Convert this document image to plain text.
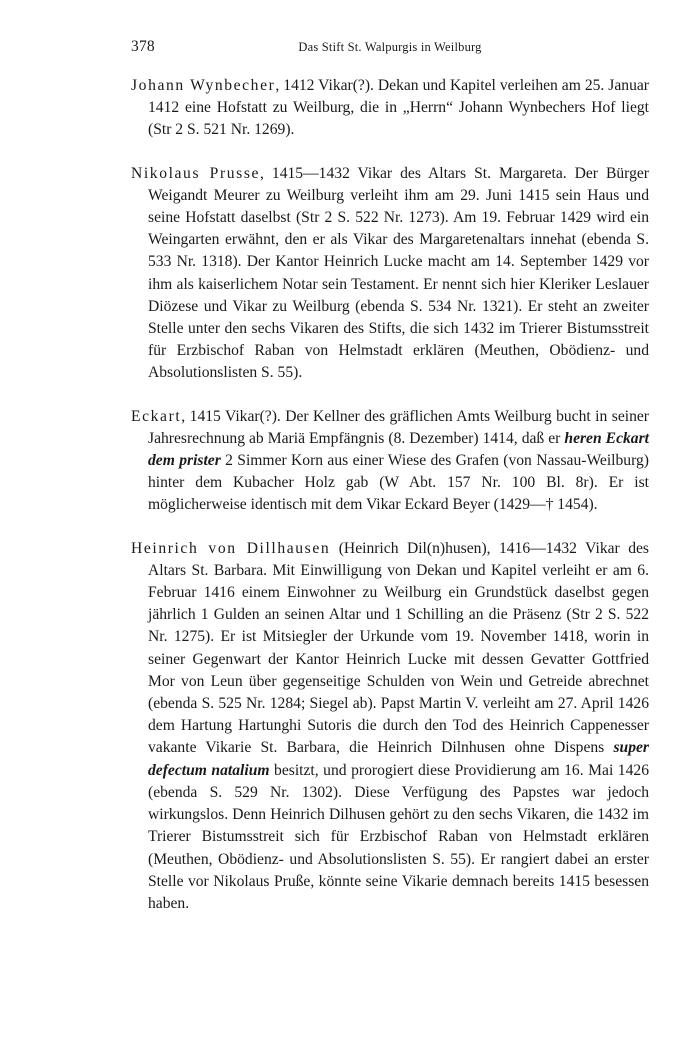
378	Das Stift St. Walpurgis in Weilburg

Johann Wynbecher, 1412 Vikar(?). Dekan und Kapitel verleihen am 25. Januar 1412 eine Hofstatt zu Weilburg, die in „Herrn“ Johann Wynbechers Hof liegt (Str 2 S. 521 Nr. 1269).

Nikolaus Prusse, 1415—1432 Vikar des Altars St. Margareta. Der Bürger Weigandt Meurer zu Weilburg verleiht ihm am 29. Juni 1415 sein Haus und seine Hofstatt daselbst (Str 2 S. 522 Nr. 1273). Am 19. Februar 1429 wird ein Weingarten erwähnt, den er als Vikar des Margaretenaltars innehat (ebenda S. 533 Nr. 1318). Der Kantor Heinrich Lucke macht am 14. September 1429 vor ihm als kaiserlichem Notar sein Testament. Er nennt sich hier Kleriker Leslauer Diözese und Vikar zu Weilburg (ebenda S. 534 Nr. 1321). Er steht an zweiter Stelle unter den sechs Vikaren des Stifts, die sich 1432 im Trierer Bistumsstreit für Erzbischof Raban von Helmstadt erklären (Meuthen, Obödienz- und Absolutionslisten S. 55).

Eckart, 1415 Vikar(?). Der Kellner des gräflichen Amts Weilburg bucht in seiner Jahresrechnung ab Mariä Empfängnis (8. Dezember) 1414, daß er heren Eckart dem prister 2 Simmer Korn aus einer Wiese des Grafen (von Nassau-Weilburg) hinter dem Kubacher Holz gab (W Abt. 157 Nr. 100 Bl. 8r). Er ist möglicherweise identisch mit dem Vikar Eckard Beyer (1429—† 1454).

Heinrich von Dillhausen (Heinrich Dil(n)husen), 1416—1432 Vikar des Altars St. Barbara. Mit Einwilligung von Dekan und Kapitel verleiht er am 6. Februar 1416 einem Einwohner zu Weilburg ein Grundstück daselbst gegen jährlich 1 Gulden an seinen Altar und 1 Schilling an die Präsenz (Str 2 S. 522 Nr. 1275). Er ist Mitsiegler der Urkunde vom 19. November 1418, worin in seiner Gegenwart der Kantor Heinrich Lucke mit dessen Gevatter Gottfried Mor von Leun über gegenseitige Schulden von Wein und Getreide abrechnet (ebenda S. 525 Nr. 1284; Siegel ab). Papst Martin V. verleiht am 27. April 1426 dem Hartung Hartunghi Sutoris die durch den Tod des Heinrich Cappenesser vakante Vikarie St. Barbara, die Heinrich Dilnhusen ohne Dispens super defectum natalium besitzt, und prorogiert diese Providierung am 16. Mai 1426 (ebenda S. 529 Nr. 1302). Diese Verfügung des Papstes war jedoch wirkungslos. Denn Heinrich Dilhusen gehört zu den sechs Vikaren, die 1432 im Trierer Bistumsstreit sich für Erzbischof Raban von Helmstadt erklären (Meuthen, Obödienz- und Absolutionslisten S. 55). Er rangiert dabei an erster Stelle vor Nikolaus Pruße, könnte seine Vikarie demnach bereits 1415 besessen haben.
